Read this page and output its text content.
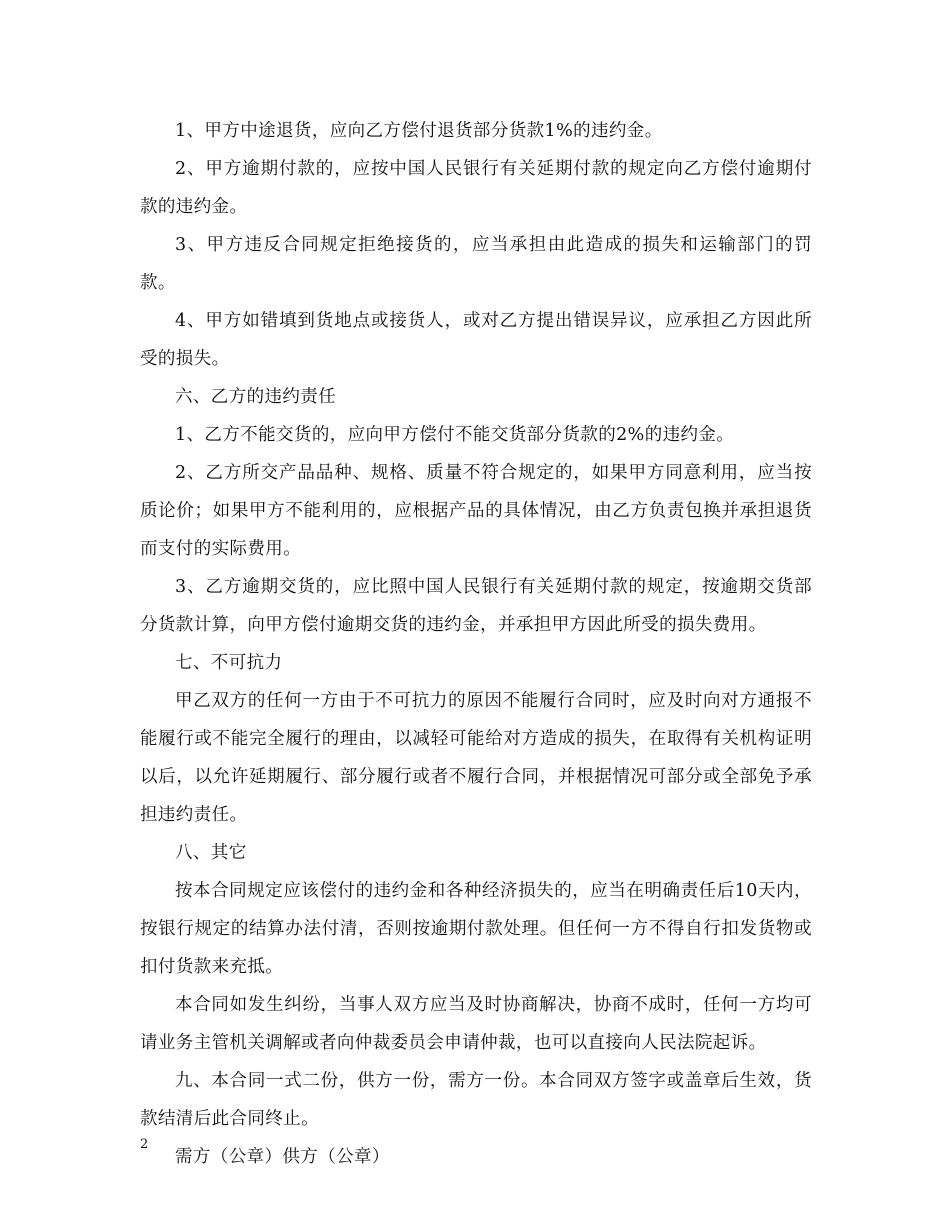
1、甲方中途退货，应向乙方偿付退货部分货款1%的违约金。

2、甲方逾期付款的，应按中国人民银行有关延期付款的规定向乙方偿付逾期付款的违约金。

3、甲方违反合同规定拒绝接货的，应当承担由此造成的损失和运输部门的罚款。

4、甲方如错填到货地点或接货人，或对乙方提出错误异议，应承担乙方因此所受的损失。

六、乙方的违约责任

1、乙方不能交货的，应向甲方偿付不能交货部分货款的2%的违约金。

2、乙方所交产品品种、规格、质量不符合规定的，如果甲方同意利用，应当按质论价；如果甲方不能利用的，应根据产品的具体情况，由乙方负责包换并承担退货而支付的实际费用。

3、乙方逾期交货的，应比照中国人民银行有关延期付款的规定，按逾期交货部分货款计算，向甲方偿付逾期交货的违约金，并承担甲方因此所受的损失费用。

七、不可抗力

甲乙双方的任何一方由于不可抗力的原因不能履行合同时，应及时向对方通报不能履行或不能完全履行的理由，以减轻可能给对方造成的损失，在取得有关机构证明以后，以允许延期履行、部分履行或者不履行合同，并根据情况可部分或全部免予承担违约责任。

八、其它

按本合同规定应该偿付的违约金和各种经济损失的，应当在明确责任后10天内，按银行规定的结算办法付清，否则按逾期付款处理。但任何一方不得自行扣发货物或扣付货款来充抵。

本合同如发生纠纷，当事人双方应当及时协商解决，协商不成时，任何一方均可请业务主管机关调解或者向仲裁委员会申请仲裁，也可以直接向人民法院起诉。

九、本合同一式二份，供方一份，需方一份。本合同双方签字或盖章后生效，货款结清后此合同终止。

需方（公章）供方（公章）

2
